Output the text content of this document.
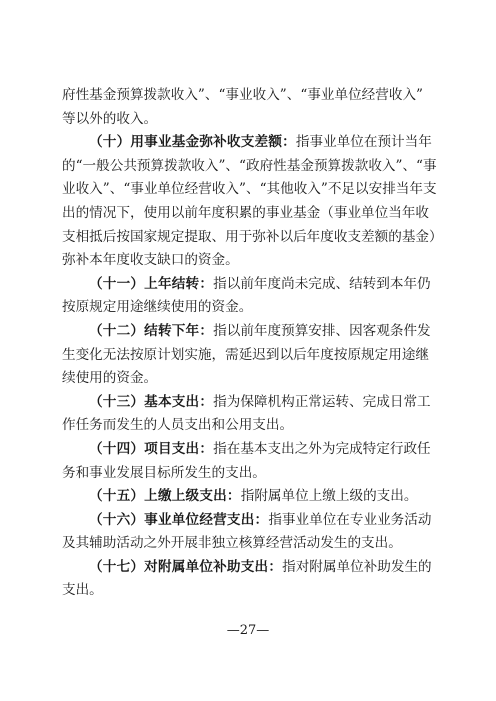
府性基金预算拨款收入”、“事业收入”、“事业单位经营收入”
等以外的收入。
（十）用事业基金弥补收支差额：指事业单位在预计当年
的“一般公共预算拨款收入”、“政府性基金预算拨款收入”、“事
业收入”、“事业单位经营收入”、“其他收入”不足以安排当年支
出的情况下，使用以前年度积累的事业基金（事业单位当年收
支相抵后按国家规定提取、用于弥补以后年度收支差额的基金）
弥补本年度收支缺口的资金。
（十一）上年结转：指以前年度尚未完成、结转到本年仍
按原规定用途继续使用的资金。
（十二）结转下年：指以前年度预算安排、因客观条件发
生变化无法按原计划实施，需延迟到以后年度按原规定用途继
续使用的资金。
（十三）基本支出：指为保障机构正常运转、完成日常工
作任务而发生的人员支出和公用支出。
（十四）项目支出：指在基本支出之外为完成特定行政任
务和事业发展目标所发生的支出。
（十五）上缴上级支出：指附属单位上缴上级的支出。
（十六）事业单位经营支出：指事业单位在专业业务活动
及其辅助活动之外开展非独立核算经营活动发生的支出。
（十七）对附属单位补助支出：指对附属单位补助发生的
支出。
—27—
